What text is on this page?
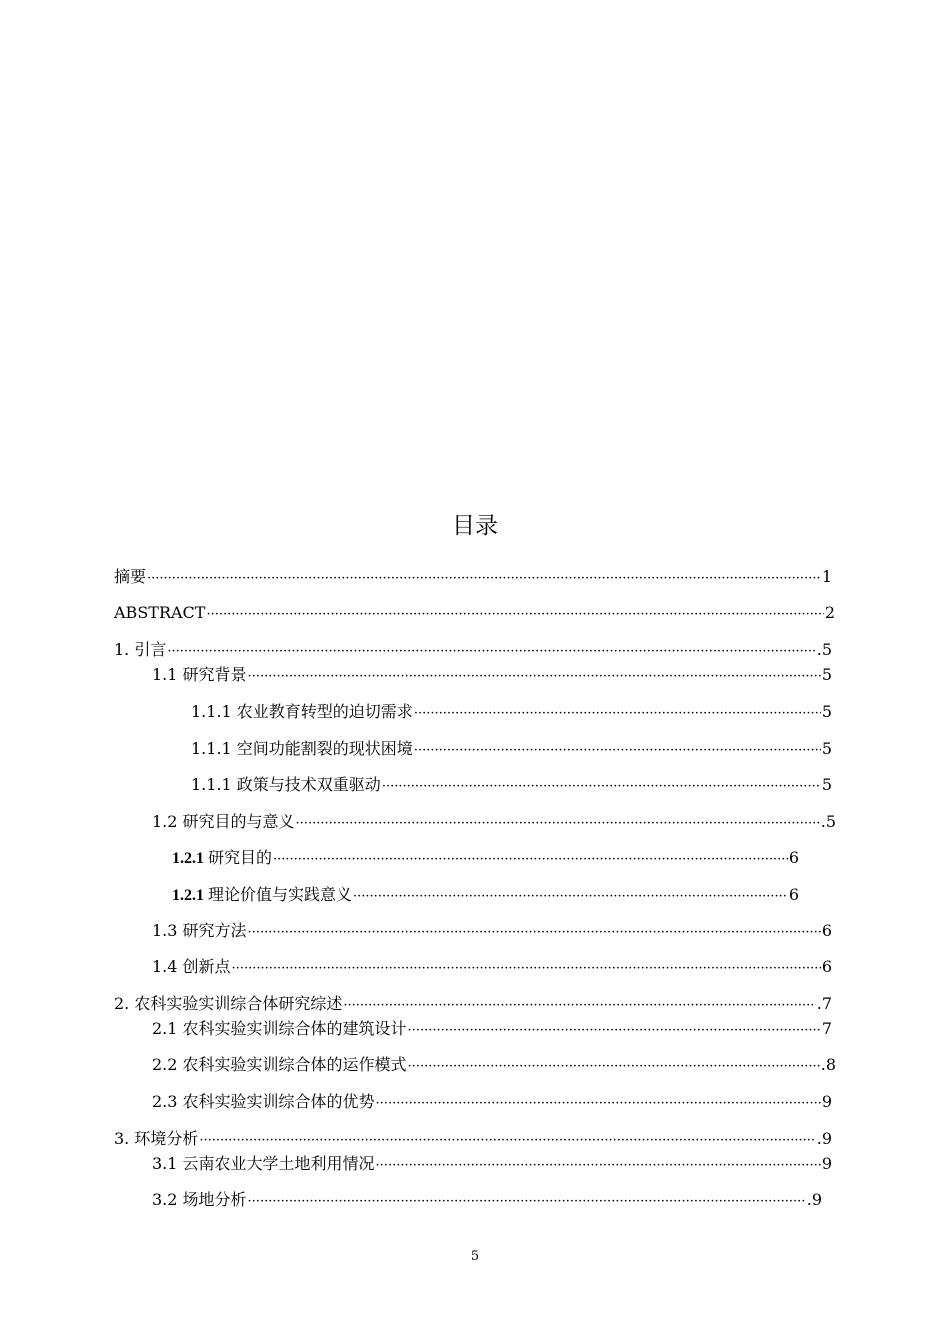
目录
摘要 ·····	1
ABSTRACT ·····	2
1. 引言 ·····	.5
1.1 研究背景 ·····	5
1.1.1 农业教育转型的迫切需求 ·····	5
1.1.1 空间功能割裂的现状困境 ·····	5
1.1.1 政策与技术双重驱动 ·····	5
1.2 研究目的与意义 ·····	.5
1.2.1 研究目的 ·····	6
1.2.1 理论价值与实践意义 ·····	6
1.3 研究方法 ·····	6
1.4 创新点 ·····	6
2. 农科实验实训综合体研究综述 ·····	.7
2.1 农科实验实训综合体的建筑设计 ·····	7
2.2 农科实验实训综合体的运作模式 ·····	.8
2.3 农科实验实训综合体的优势 ·····	9
3. 环境分析 ·····	.9
3.1 云南农业大学土地利用情况 ·····	9
3.2 场地分析 ·····	.9
5
